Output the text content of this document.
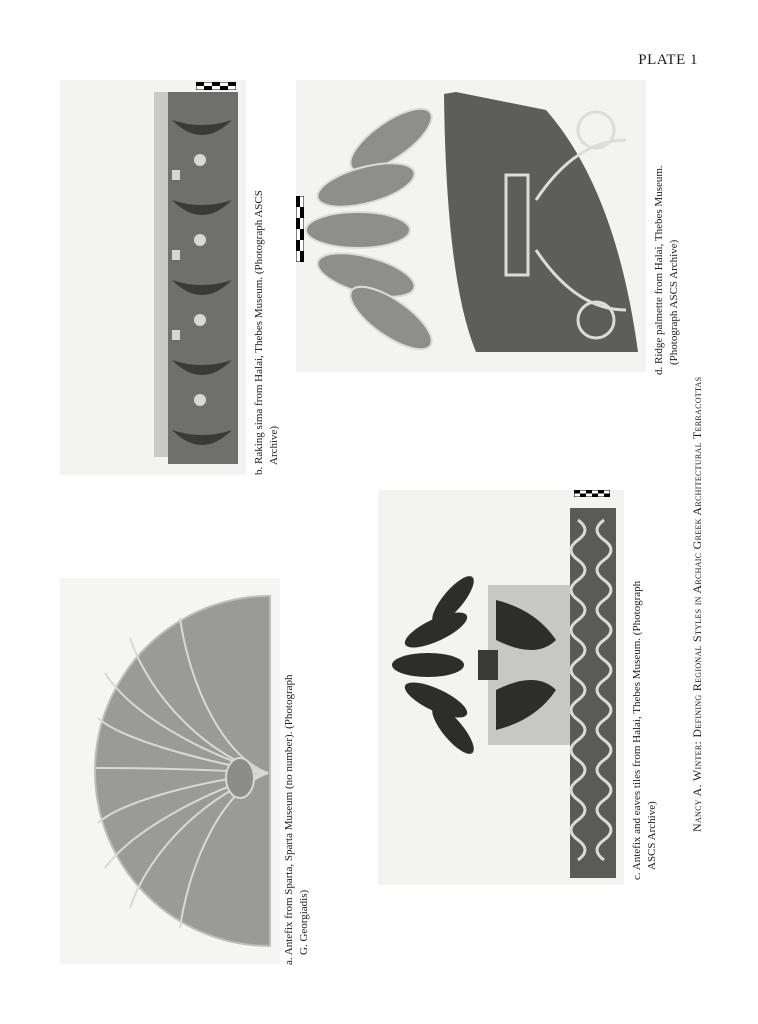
PLATE 1
a. Antefix from Sparta, Sparta Museum (no number). (Photograph G. Georgiadis)
b. Raking sima from Halai, Thebes Museum. (Photograph ASCS Archive)
c. Antefix and eaves tiles from Halai, Thebes Museum. (Photograph ASCS Archive)
d. Ridge palmette from Halai, Thebes Museum. (Photograph ASCS Archive)
Nancy A. Winter: Defining Regional Styles in Archaic Greek Architectural Terracottas
